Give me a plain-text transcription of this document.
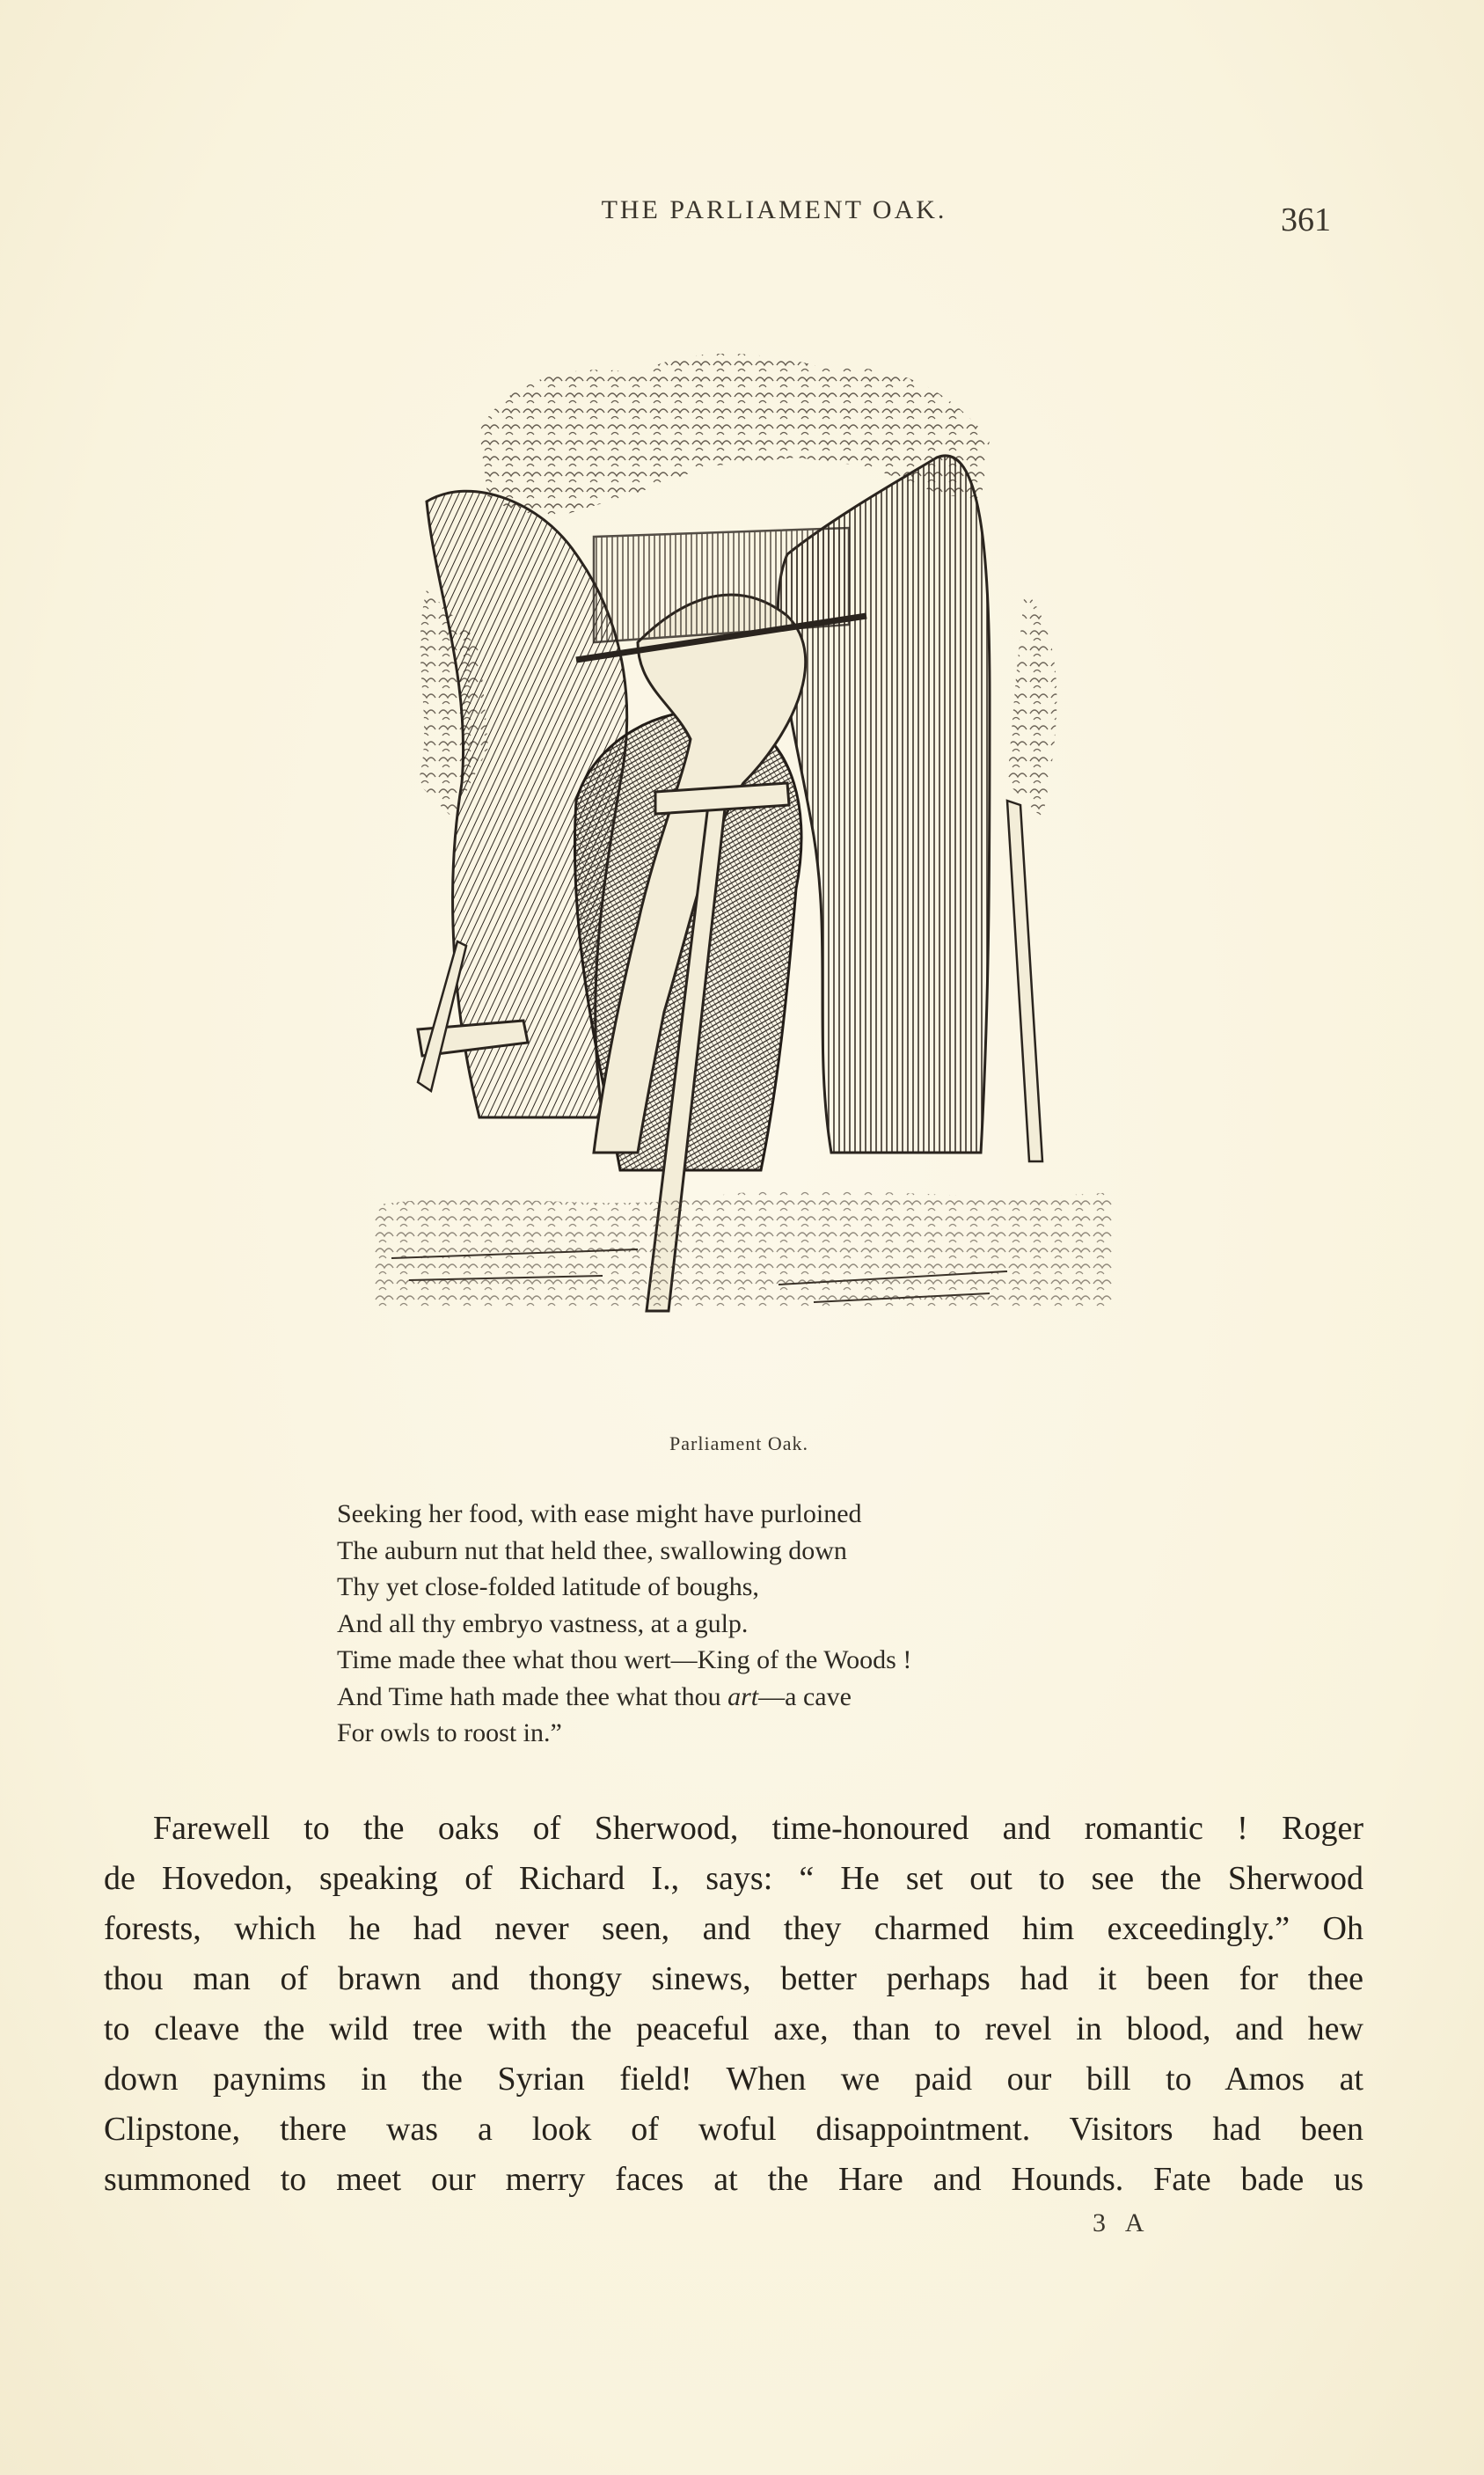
THE PARLIAMENT OAK.	361
Parliament Oak.
Seeking her food, with ease might have purloined
The auburn nut that held thee, swallowing down
Thy yet close-folded latitude of boughs,
And all thy embryo vastness, at a gulp.
Time made thee what thou wert—King of the Woods !
And Time hath made thee what thou art—a cave
For owls to roost in.”
Farewell to the oaks of Sherwood, time-honoured and romantic ! Roger
de Hovedon, speaking of Richard I., says: “ He set out to see the Sherwood
forests, which he had never seen, and they charmed him exceedingly.” Oh
thou man of brawn and thongy sinews, better perhaps had it been for thee
to cleave the wild tree with the peaceful axe, than to revel in blood, and hew
down paynims in the Syrian field! When we paid our bill to Amos at
Clipstone, there was a look of woful disappointment. Visitors had been
summoned to meet our merry faces at the Hare and Hounds. Fate bade us
3 A
